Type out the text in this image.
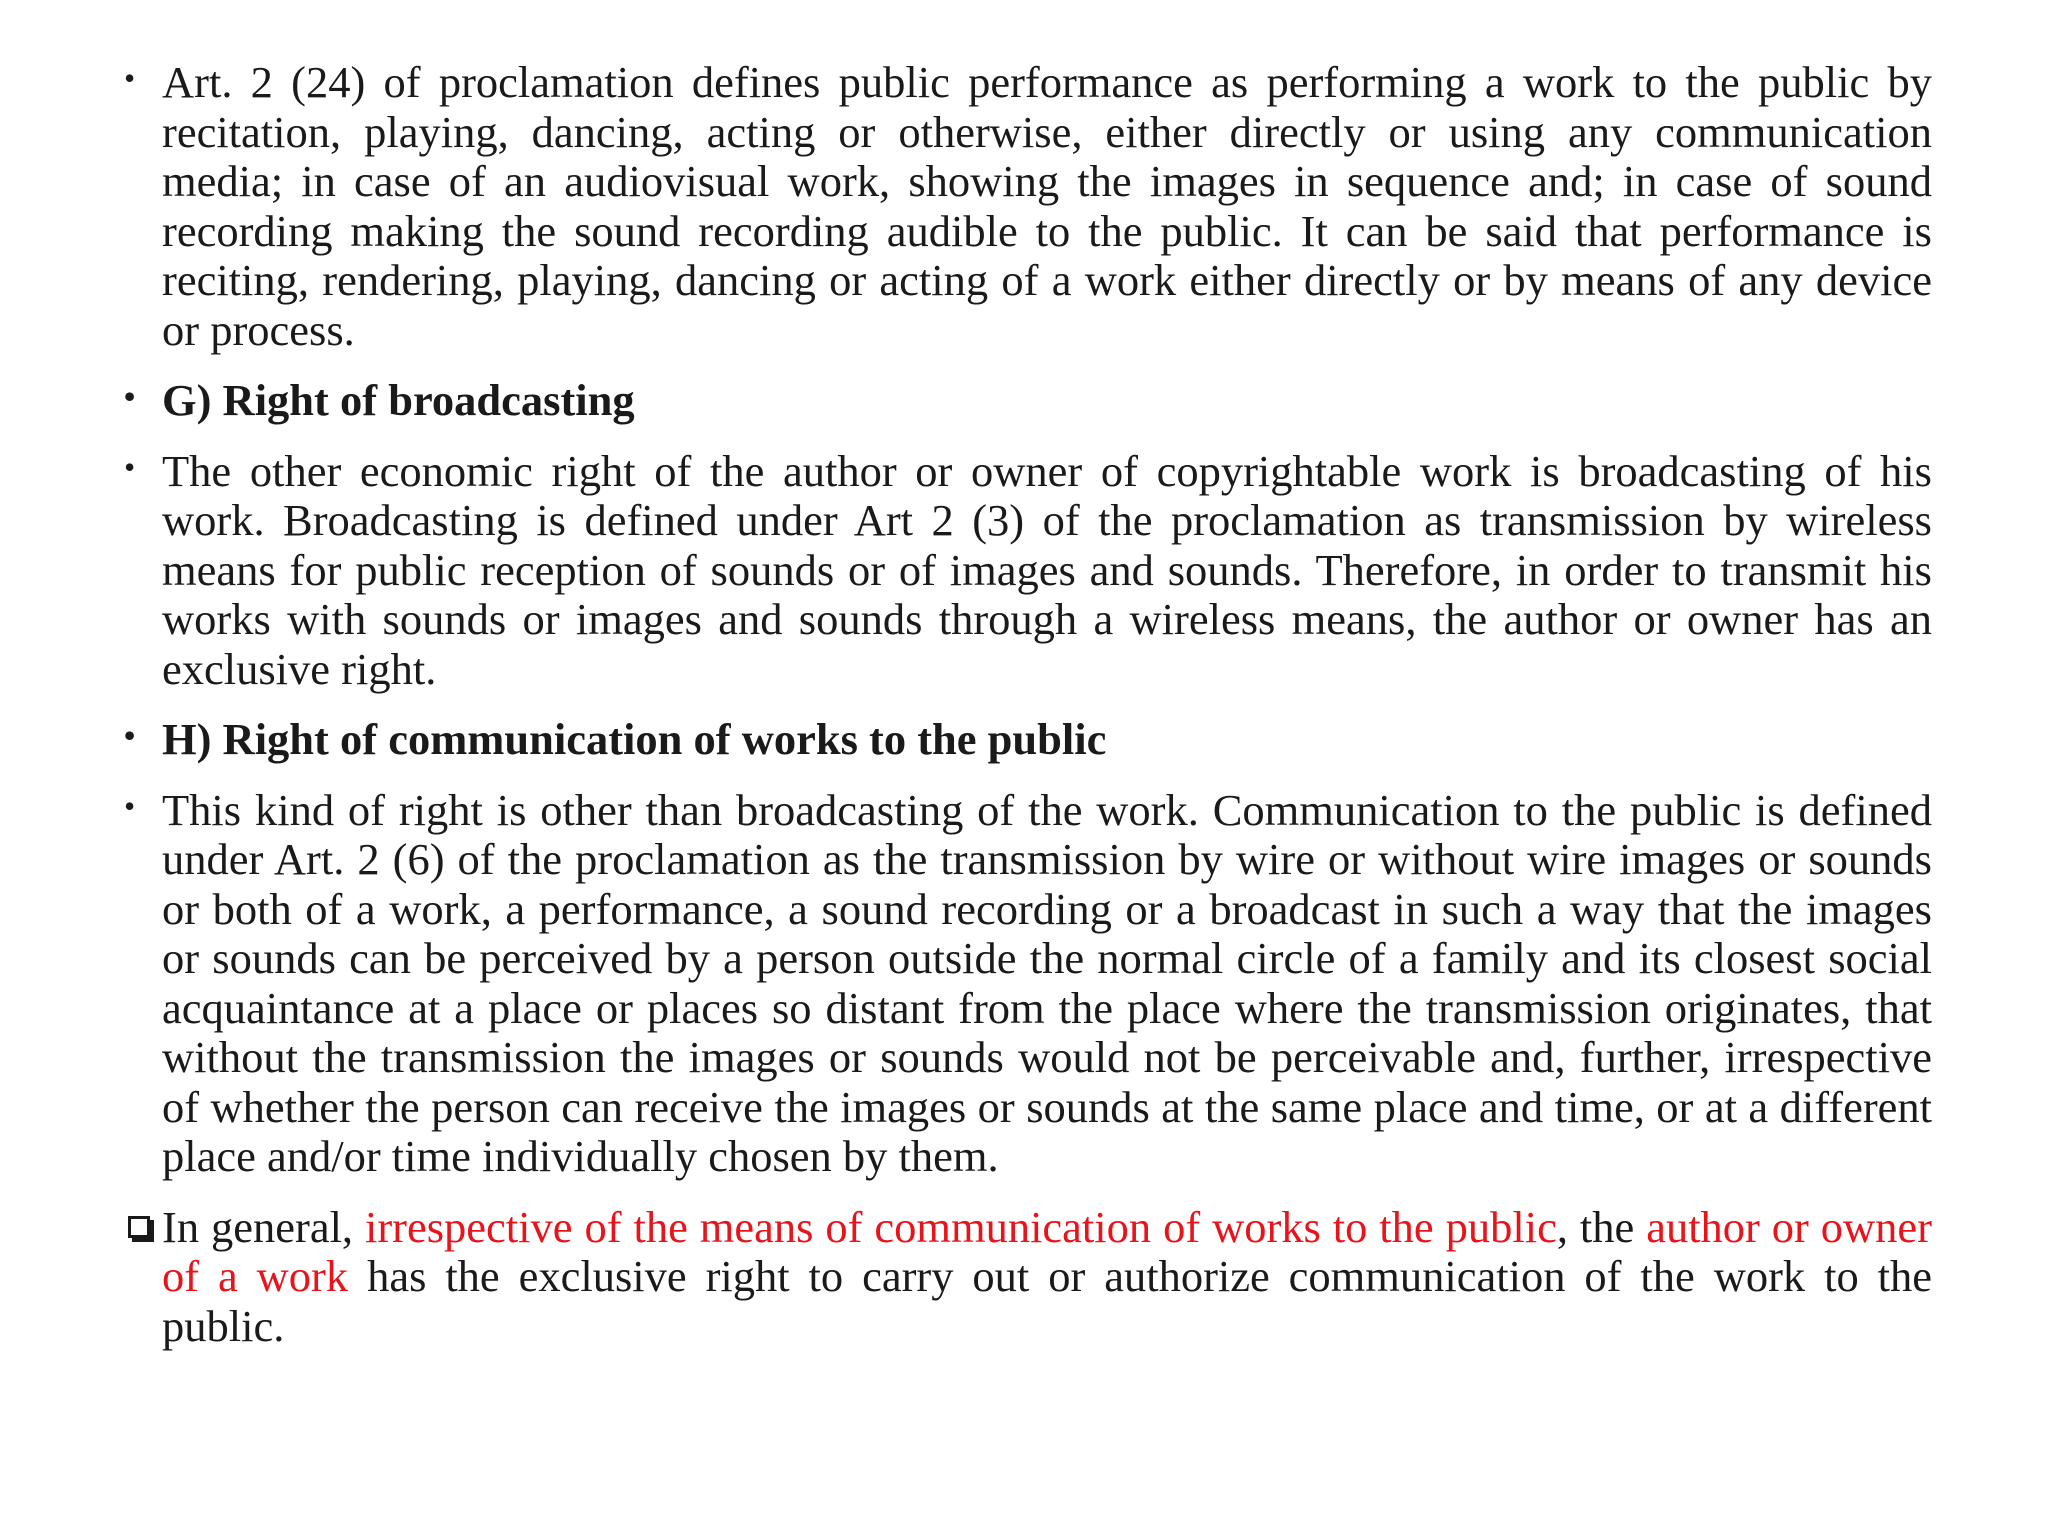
• Art. 2 (24) of proclamation defines public performance as performing a work to the public by recitation, playing, dancing, acting or otherwise, either directly or using any communication media; in case of an audiovisual work, showing the images in sequence and; in case of sound recording making the sound recording audible to the public. It can be said that performance is reciting, rendering, playing, dancing or acting of a work either directly or by means of any device or process.
• G) Right of broadcasting
• The other economic right of the author or owner of copyrightable work is broadcasting of his work. Broadcasting is defined under Art 2 (3) of the proclamation as transmission by wireless means for public reception of sounds or of images and sounds. Therefore, in order to transmit his works with sounds or images and sounds through a wireless means, the author or owner has an exclusive right.
• H) Right of communication of works to the public
• This kind of right is other than broadcasting of the work. Communication to the public is defined under Art. 2 (6) of the proclamation as the transmission by wire or without wire images or sounds or both of a work, a performance, a sound recording or a broadcast in such a way that the images or sounds can be perceived by a person outside the normal circle of a family and its closest social acquaintance at a place or places so distant from the place where the transmission originates, that without the transmission the images or sounds would not be perceivable and, further, irrespective of whether the person can receive the images or sounds at the same place and time, or at a different place and/or time individually chosen by them.
In general, irrespective of the means of communication of works to the public, the author or owner of a work has the exclusive right to carry out or authorize communication of the work to the public.
